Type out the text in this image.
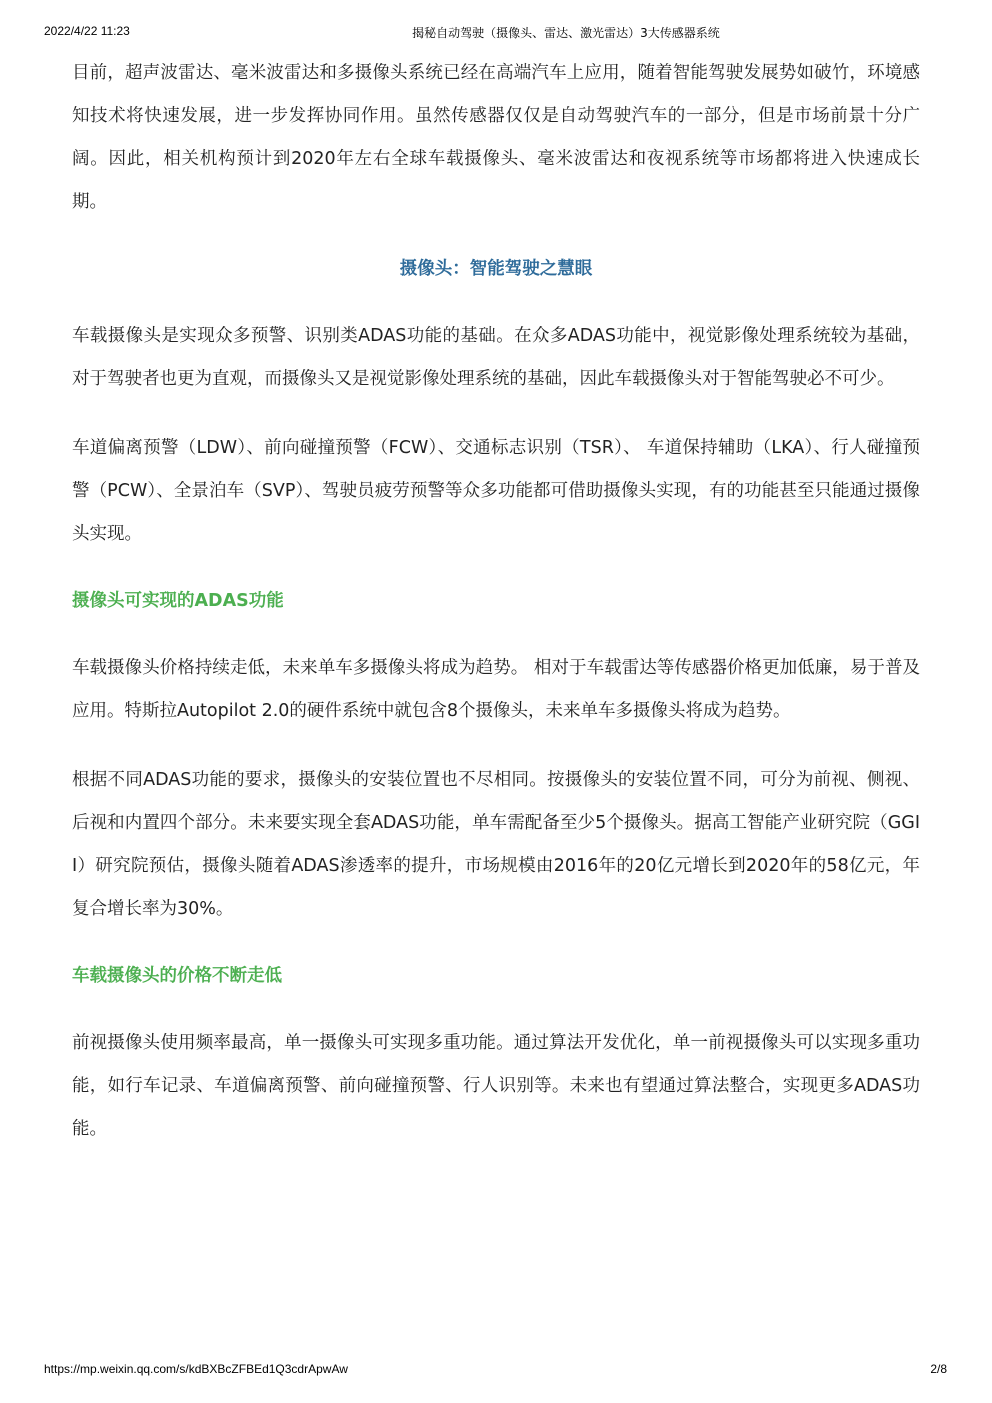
2022/4/22 11:23	揭秘自动驾驶（摄像头、雷达、激光雷达）3大传感器系统

目前，超声波雷达、毫米波雷达和多摄像头系统已经在高端汽车上应用，随着智能驾驶发展势如破竹，环境感知技术将快速发展，进一步发挥协同作用。虽然传感器仅仅是自动驾驶汽车的一部分，但是市场前景十分广阔。因此，相关机构预计到2020年左右全球车载摄像头、毫米波雷达和夜视系统等市场都将进入快速成长期。

摄像头：智能驾驶之慧眼

车载摄像头是实现众多预警、识别类ADAS功能的基础。在众多ADAS功能中，视觉影像处理系统较为基础，对于驾驶者也更为直观，而摄像头又是视觉影像处理系统的基础，因此车载摄像头对于智能驾驶必不可少。

车道偏离预警（LDW）、前向碰撞预警（FCW）、交通标志识别（TSR）、 车道保持辅助（LKA）、行人碰撞预警（PCW）、全景泊车（SVP）、驾驶员疲劳预警等众多功能都可借助摄像头实现，有的功能甚至只能通过摄像头实现。

摄像头可实现的ADAS功能

车载摄像头价格持续走低，未来单车多摄像头将成为趋势。 相对于车载雷达等传感器价格更加低廉，易于普及应用。特斯拉Autopilot 2.0的硬件系统中就包含8个摄像头，未来单车多摄像头将成为趋势。

根据不同ADAS功能的要求，摄像头的安装位置也不尽相同。按摄像头的安装位置不同，可分为前视、侧视、后视和内置四个部分。未来要实现全套ADAS功能，单车需配备至少5个摄像头。据高工智能产业研究院（GGII）研究院预估，摄像头随着ADAS渗透率的提升，市场规模由2016年的20亿元增长到2020年的58亿元，年复合增长率为30%。

车载摄像头的价格不断走低

前视摄像头使用频率最高，单一摄像头可实现多重功能。通过算法开发优化，单一前视摄像头可以实现多重功能，如行车记录、车道偏离预警、前向碰撞预警、行人识别等。未来也有望通过算法整合，实现更多ADAS功能。

https://mp.weixin.qq.com/s/kdBXBcZFBEd1Q3cdrApwAw	2/8
